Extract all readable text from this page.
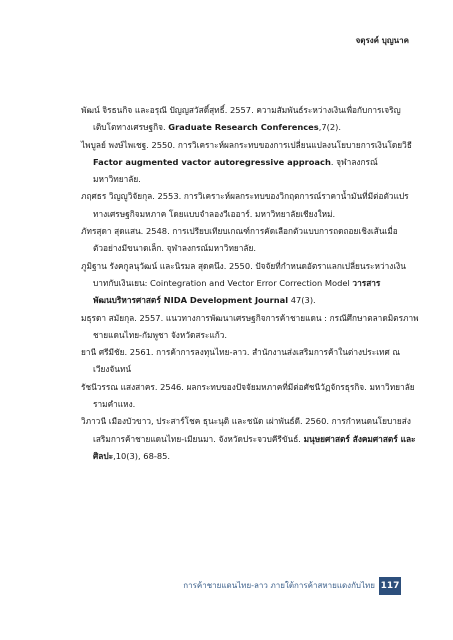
จตุรงค์ บุญนาค

พัฒน์ จิรธนกิจ และอรุณี ปัญญสวัสดิ์สุทธิ์. 2557. ความสัมพันธ์ระหว่างเงินเพื่อกับการเจริญเติบโตทางเศรษฐกิจ. Graduate Research Conferences,7(2).

ไพบูลย์ พงษ์ไพเชฐ. 2550. การวิเคราะห์ผลกระทบของการเปลี่ยนแปลงนโยบายการเงินโดยวิธี Factor augmented vactor autoregressive approach. จุฬาลงกรณ์มหาวิทยาลัย.

ภฤศธร วิญญูวิจัยกุล. 2553. การวิเคราะห์ผลกระทบของวิกฤตการณ์ราคาน้ำมันที่มีต่อตัวแปรทางเศรษฐกิจมหภาค โดยแบบจำลองวีเออาร์. มหาวิทยาลัยเชียงใหม่.

ภัทรสุดา สุดแสน. 2548. การเปรียบเทียบเกณฑ์การคัดเลือกตัวแบบการถดถอยเชิงเส้นเมื่อตัวอย่างมีขนาดเล็ก. จุฬาลงกรณ์มหาวิทยาลัย.

ภูมิฐาน รังคกูลนุวัฒน์ และนิรมล สุดคนึง. 2550. ปัจจัยที่กำหนดอัตราแลกเปลี่ยนระหว่างเงินบาทกับเงินเยน: Cointegration and Vector Error Correction Model วารสารพัฒนบริหารศาสตร์ NIDA Development Journal 47(3).

มธุรดา สมัยกุล. 2557. แนวทางการพัฒนาเศรษฐกิจการค้าชายแดน : กรณีศึกษาตลาดมิตรภาพชายแดนไทย-กัมพูชา จังหวัดสระแก้ว.

ยานี ศรีมีชัย. 2561. การค้าการลงทุนไทย-ลาว. สำนักงานส่งเสริมการค้าในต่างประเทศ ณ เวียงจันทน์

รัชนีวรรณ แสงสาคร. 2546. ผลกระทบของปัจจัยมหภาคที่มีต่อศัชนีวัฏจักรธุรกิจ. มหาวิทยาลัยรามคำแหง.

วิภาวนี เมืองบัวขาว, ประสาร์โชค ธุนะนุติ และชนัด เผ่าพันธ์ดี. 2560. การกำหนดนโยบายส่งเสริมการค้าชายแดนไทย-เมียนมา. จังหวัดประจวบคีรีขันธ์. มนุษยศาสตร์ สังคมศาสตร์ และศิลปะ,10(3), 68-85.

การค้าชายแดนไทย-ลาว ภายใต้การค้าสหายแดงกับไทย 117
